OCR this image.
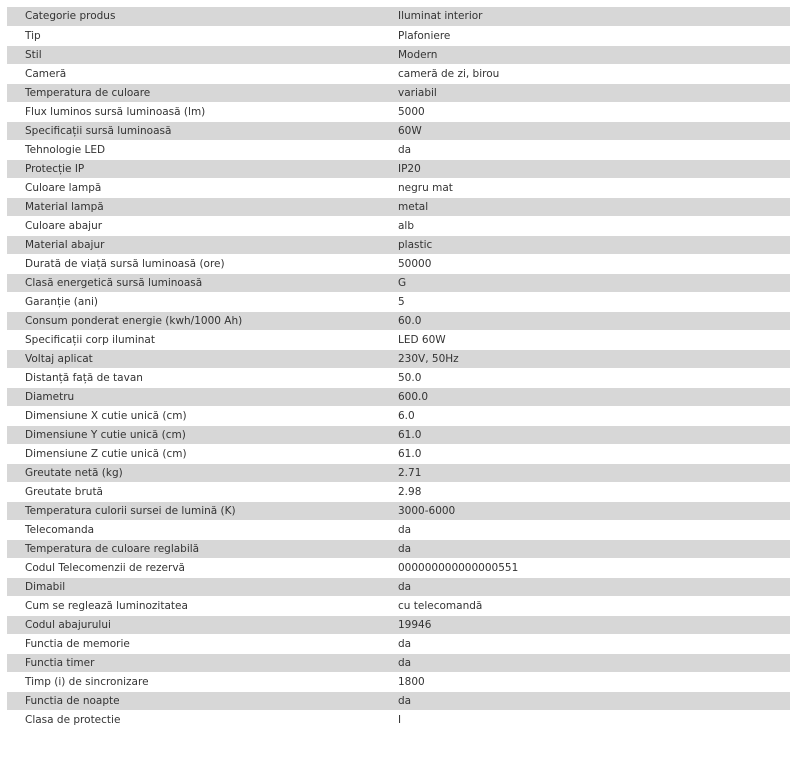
Categorie produs	Iluminat interior
Tip	Plafoniere
Stil	Modern
Cameră	cameră de zi, birou
Temperatura de culoare	variabil
Flux luminos sursă luminoasă (lm)	5000
Specificații sursă luminoasă	60W
Tehnologie LED	da
Protecție IP	IP20
Culoare lampă	negru mat
Material lampă	metal
Culoare abajur	alb
Material abajur	plastic
Durată de viață sursă luminoasă (ore)	50000
Clasă energetică sursă luminoasă	G
Garanție (ani)	5
Consum ponderat energie (kwh/1000 Ah)	60.0
Specificații corp iluminat	LED 60W
Voltaj aplicat	230V, 50Hz
Distanță față de tavan	50.0
Diametru	600.0
Dimensiune X cutie unică (cm)	6.0
Dimensiune Y cutie unică (cm)	61.0
Dimensiune Z cutie unică (cm)	61.0
Greutate netă (kg)	2.71
Greutate brută	2.98
Temperatura culorii sursei de lumină (K)	3000-6000
Telecomanda	da
Temperatura de culoare reglabilă	da
Codul Telecomenzii de rezervă	000000000000000551
Dimabil	da
Cum se reglează luminozitatea	cu telecomandă
Codul abajurului	19946
Functia de memorie	da
Functia timer	da
Timp (i) de sincronizare	1800
Functia de noapte	da
Clasa de protectie	I
